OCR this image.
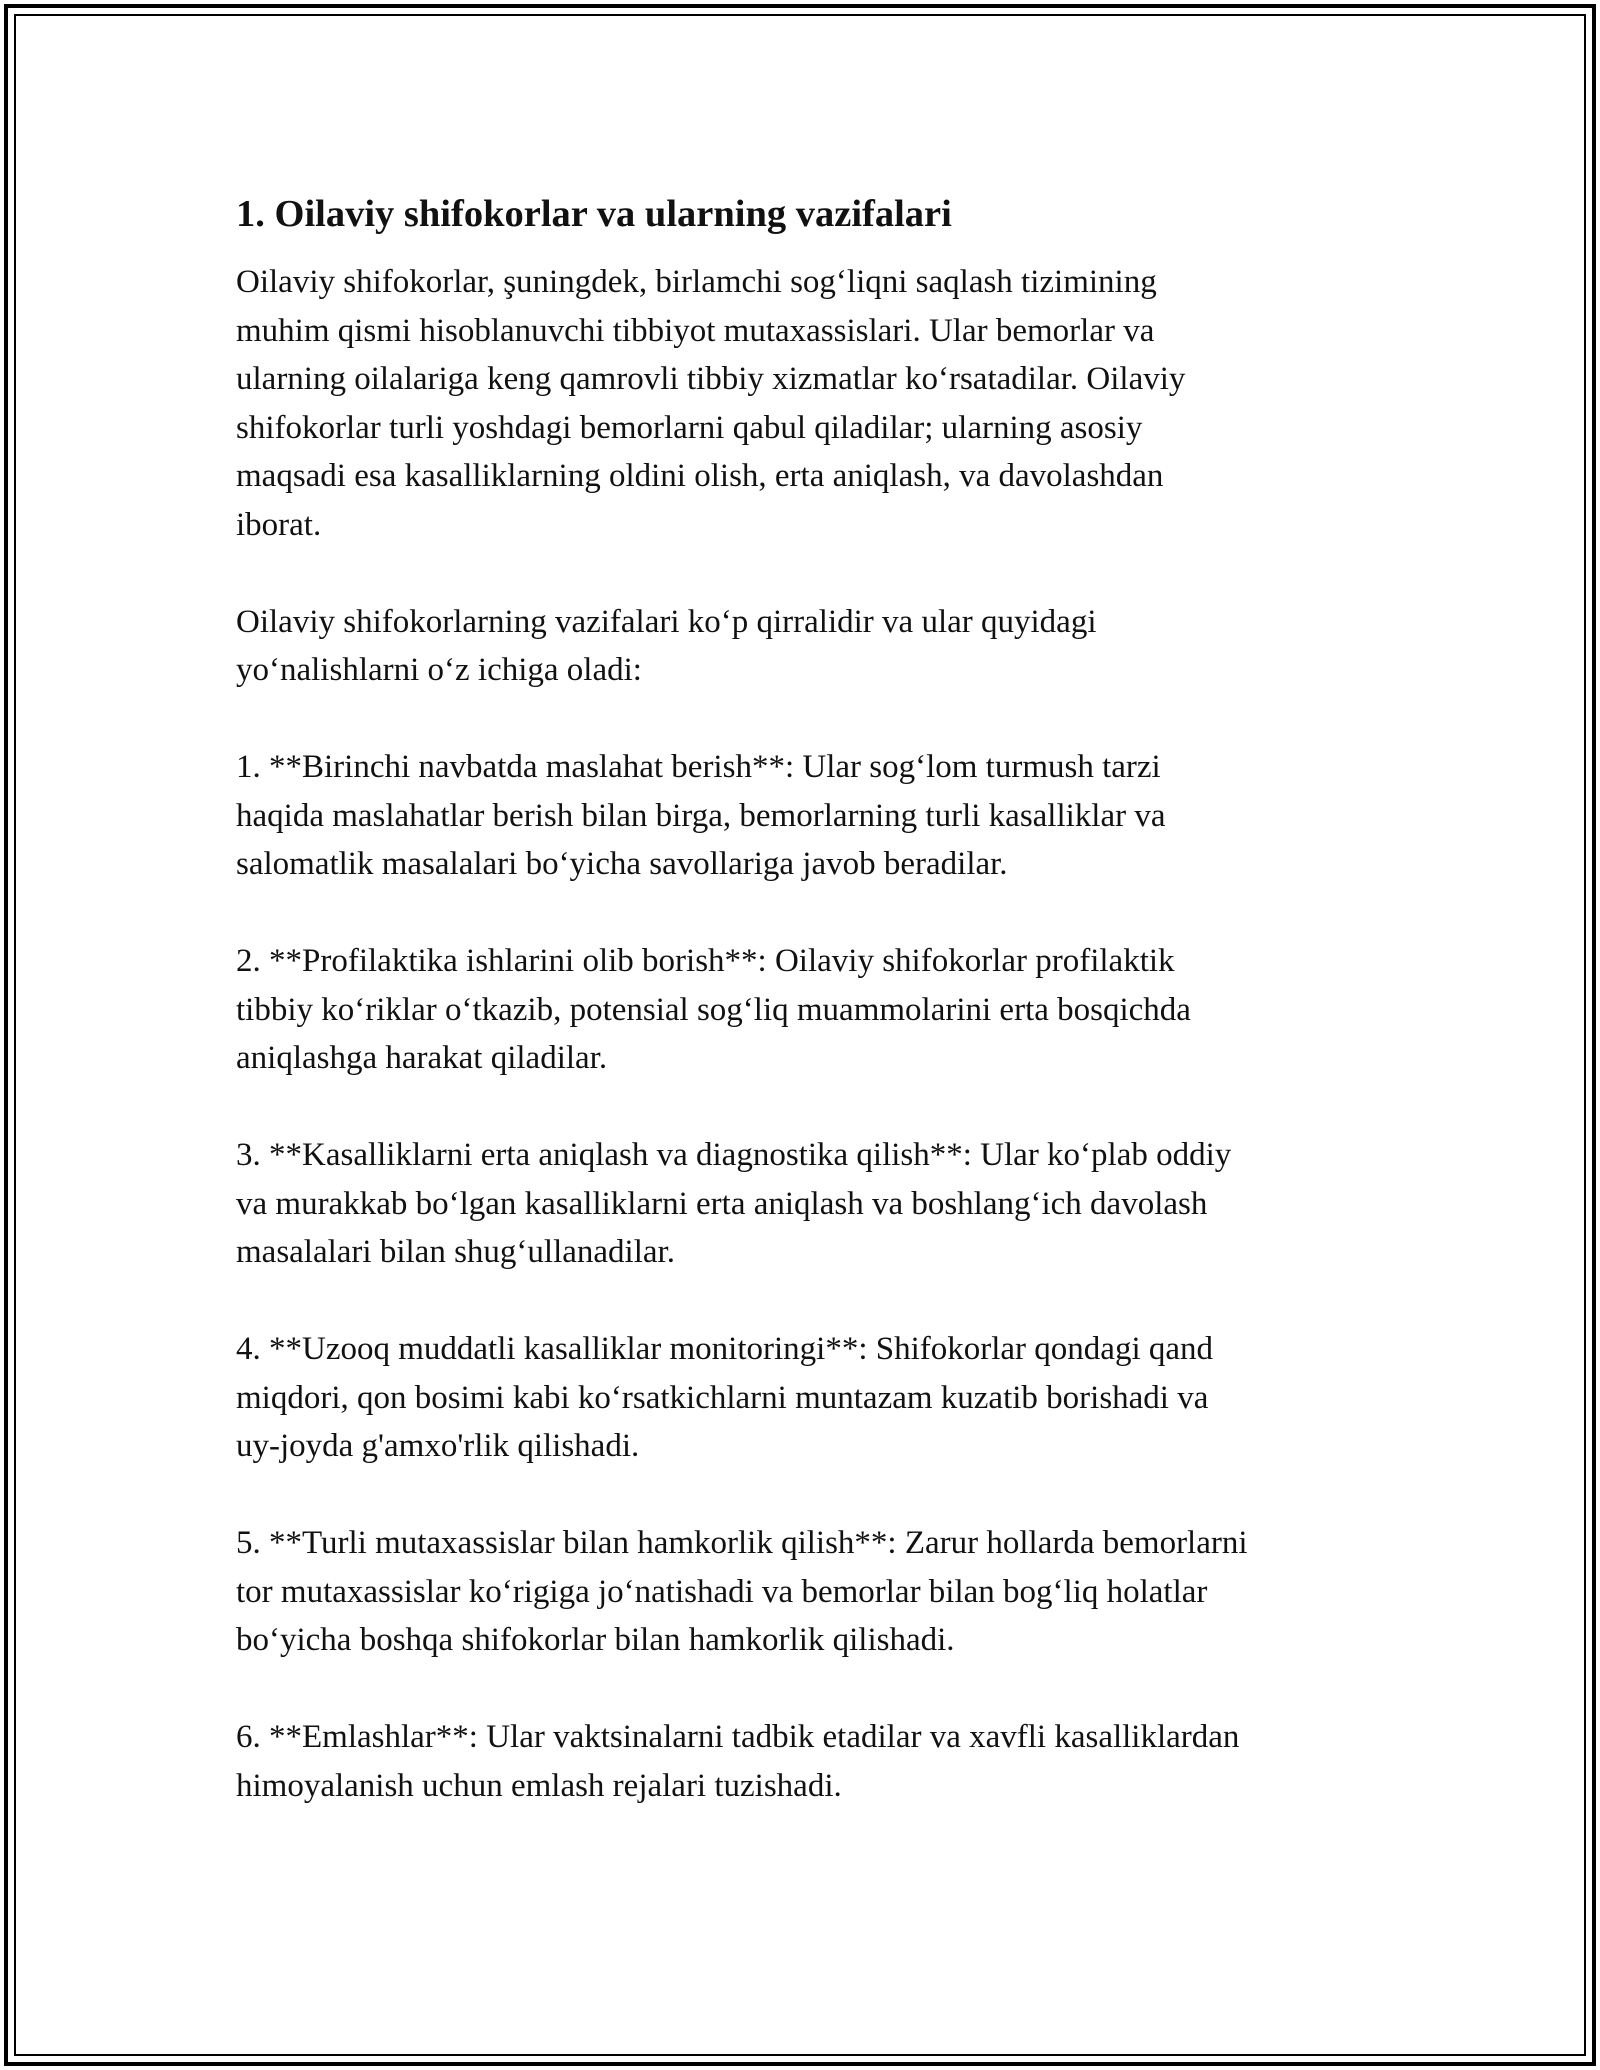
1. Oilaviy shifokorlar va ularning vazifalari

Oilaviy shifokorlar, şuningdek, birlamchi sog‘liqni saqlash tizimining
muhim qismi hisoblanuvchi tibbiyot mutaxassislari. Ular bemorlar va
ularning oilalariga keng qamrovli tibbiy xizmatlar ko‘rsatadilar. Oilaviy
shifokorlar turli yoshdagi bemorlarni qabul qiladilar; ularning asosiy
maqsadi esa kasalliklarning oldini olish, erta aniqlash, va davolashdan
iborat.

Oilaviy shifokorlarning vazifalari ko‘p qirralidir va ular quyidagi
yo‘nalishlarni o‘z ichiga oladi:

1. **Birinchi navbatda maslahat berish**: Ular sog‘lom turmush tarzi
haqida maslahatlar berish bilan birga, bemorlarning turli kasalliklar va
salomatlik masalalari bo‘yicha savollariga javob beradilar.

2. **Profilaktika ishlarini olib borish**: Oilaviy shifokorlar profilaktik
tibbiy ko‘riklar o‘tkazib, potensial sog‘liq muammolarini erta bosqichda
aniqlashga harakat qiladilar.

3. **Kasalliklarni erta aniqlash va diagnostika qilish**: Ular ko‘plab oddiy
va murakkab bo‘lgan kasalliklarni erta aniqlash va boshlang‘ich davolash
masalalari bilan shug‘ullanadilar.

4. **Uzooq muddatli kasalliklar monitoringi**: Shifokorlar qondagi qand
miqdori, qon bosimi kabi ko‘rsatkichlarni muntazam kuzatib borishadi va
uy-joyda g'amxo'rlik qilishadi.

5. **Turli mutaxassislar bilan hamkorlik qilish**: Zarur hollarda bemorlarni
tor mutaxassislar ko‘rigiga jo‘natishadi va bemorlar bilan bog‘liq holatlar
bo‘yicha boshqa shifokorlar bilan hamkorlik qilishadi.

6. **Emlashlar**: Ular vaktsinalarni tadbik etadilar va xavfli kasalliklardan
himoyalanish uchun emlash rejalari tuzishadi.
